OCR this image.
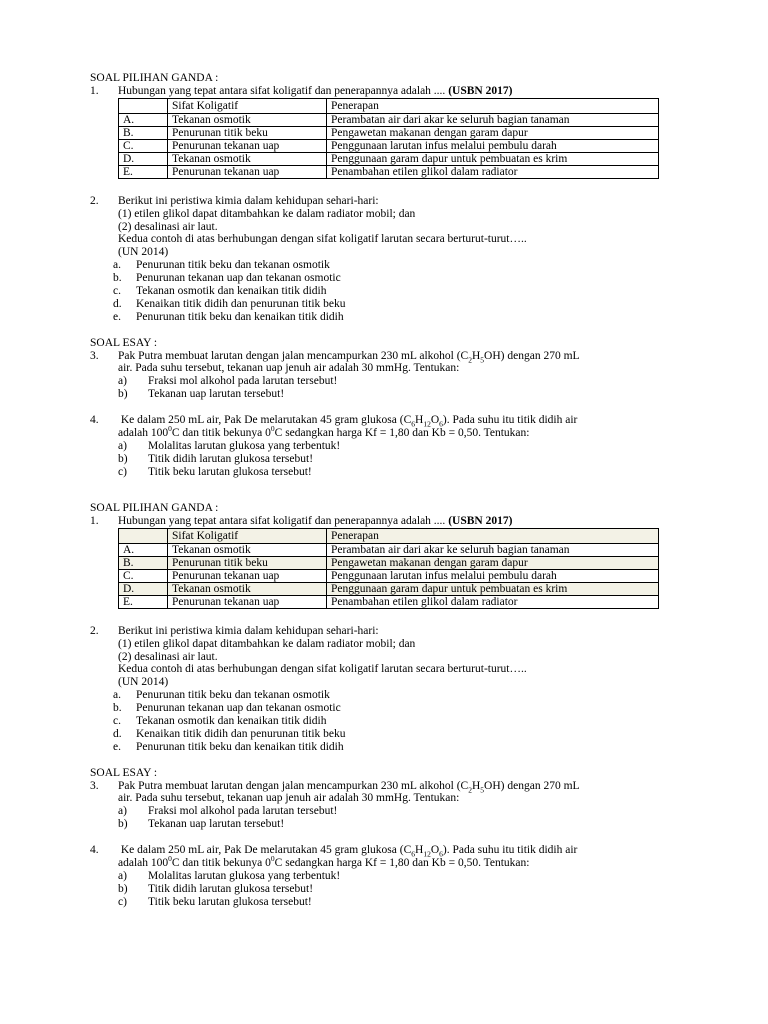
SOAL PILIHAN GANDA :
1. Hubungan yang tepat antara sifat koligatif dan penerapannya adalah .... (USBN 2017)
	Sifat Koligatif	Penerapan
A.	Tekanan osmotik	Perambatan air dari akar ke seluruh bagian tanaman
B.	Penurunan titik beku	Pengawetan makanan dengan garam dapur
C.	Penurunan tekanan uap	Penggunaan larutan infus melalui pembulu darah
D.	Tekanan osmotik	Penggunaan garam dapur untuk pembuatan es krim
E.	Penurunan tekanan uap	Penambahan etilen glikol dalam radiator
2. Berikut ini peristiwa kimia dalam kehidupan sehari-hari:
(1) etilen glikol dapat ditambahkan ke dalam radiator mobil; dan
(2) desalinasi air laut.
Kedua contoh di atas berhubungan dengan sifat koligatif larutan secara berturut-turut…..
(UN 2014)
a. Penurunan titik beku dan tekanan osmotik
b. Penurunan tekanan uap dan tekanan osmotic
c. Tekanan osmotik dan kenaikan titik didih
d. Kenaikan titik didih dan penurunan titik beku
e. Penurunan titik beku dan kenaikan titik didih
SOAL ESAY :
3. Pak Putra membuat larutan dengan jalan mencampurkan 230 mL alkohol $(C_2H_5OH)$ dengan 270 mL
air. Pada suhu tersebut, tekanan uap jenuh air adalah 30 mmHg. Tentukan:
a) Fraksi mol alkohol pada larutan tersebut!
b) Tekanan uap larutan tersebut!
4. Ke dalam 250 mL air, Pak De melarutakan 45 gram glukosa $(C_6H_{12}O_6)$. Pada suhu itu titik didih air
adalah $100^0C$ dan titik bekunya $0^0C$ sedangkan harga Kf = 1,80 dan Kb = 0,50. Tentukan:
a) Molalitas larutan glukosa yang terbentuk!
b) Titik didih larutan glukosa tersebut!
c) Titik beku larutan glukosa tersebut!
SOAL PILIHAN GANDA :
1. Hubungan yang tepat antara sifat koligatif dan penerapannya adalah .... (USBN 2017)
	Sifat Koligatif	Penerapan
A.	Tekanan osmotik	Perambatan air dari akar ke seluruh bagian tanaman
B.	Penurunan titik beku	Pengawetan makanan dengan garam dapur
C.	Penurunan tekanan uap	Penggunaan larutan infus melalui pembulu darah
D.	Tekanan osmotik	Penggunaan garam dapur untuk pembuatan es krim
E.	Penurunan tekanan uap	Penambahan etilen glikol dalam radiator
2. Berikut ini peristiwa kimia dalam kehidupan sehari-hari:
(1) etilen glikol dapat ditambahkan ke dalam radiator mobil; dan
(2) desalinasi air laut.
Kedua contoh di atas berhubungan dengan sifat koligatif larutan secara berturut-turut…..
(UN 2014)
a. Penurunan titik beku dan tekanan osmotik
b. Penurunan tekanan uap dan tekanan osmotic
c. Tekanan osmotik dan kenaikan titik didih
d. Kenaikan titik didih dan penurunan titik beku
e. Penurunan titik beku dan kenaikan titik didih
SOAL ESAY :
3. Pak Putra membuat larutan dengan jalan mencampurkan 230 mL alkohol $(C_2H_5OH)$ dengan 270 mL
air. Pada suhu tersebut, tekanan uap jenuh air adalah 30 mmHg. Tentukan:
a) Fraksi mol alkohol pada larutan tersebut!
b) Tekanan uap larutan tersebut!
4. Ke dalam 250 mL air, Pak De melarutakan 45 gram glukosa $(C_6H_{12}O_6)$. Pada suhu itu titik didih air
adalah $100^0C$ dan titik bekunya $0^0C$ sedangkan harga Kf = 1,80 dan Kb = 0,50. Tentukan:
a) Molalitas larutan glukosa yang terbentuk!
b) Titik didih larutan glukosa tersebut!
c) Titik beku larutan glukosa tersebut!
